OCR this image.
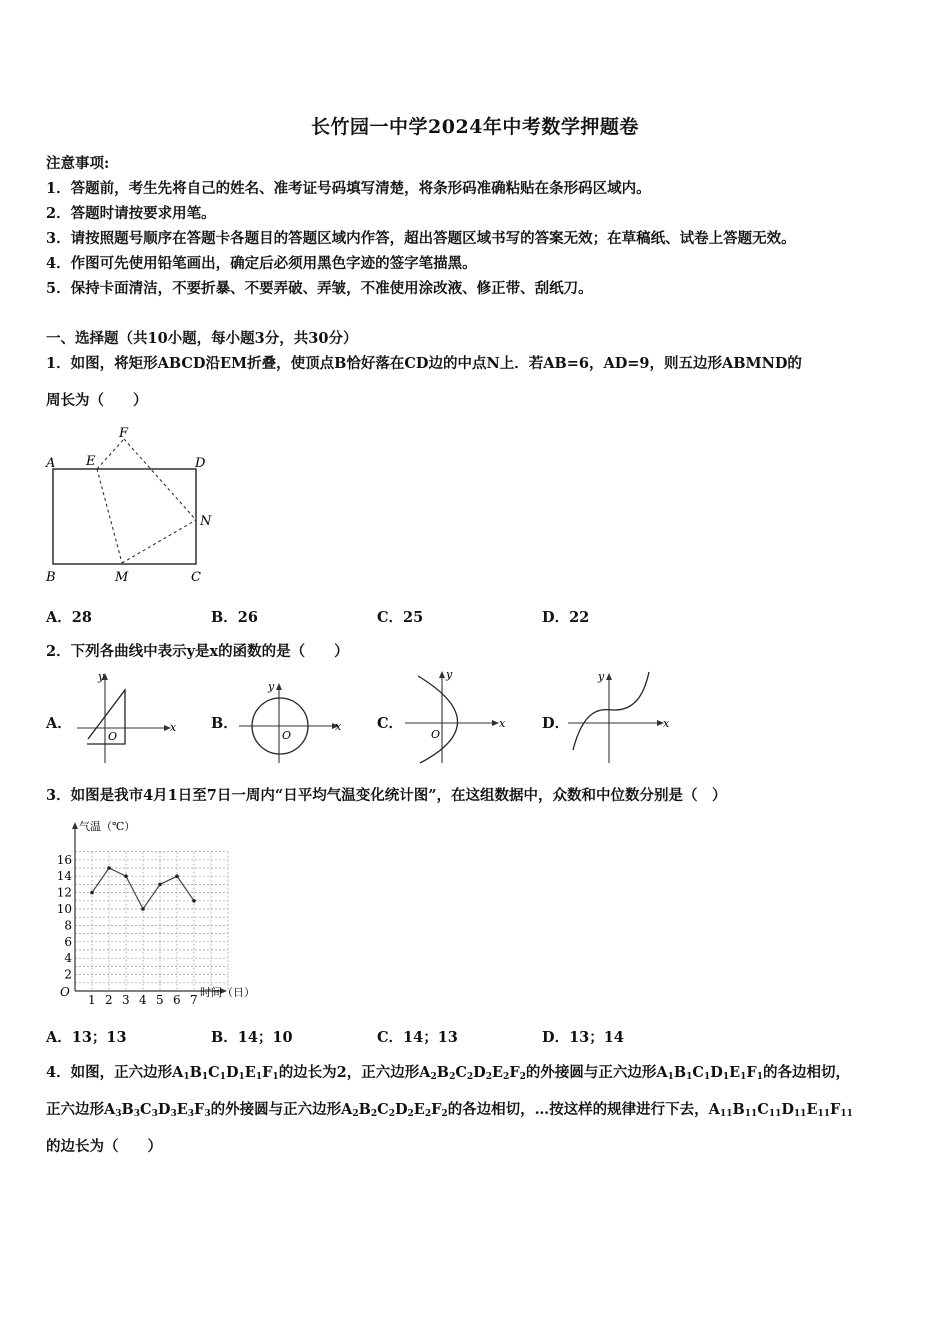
长竹园一中学2024年中考数学押题卷
注意事项:
1．答题前，考生先将自己的姓名、准考证号码填写清楚，将条形码准确粘贴在条形码区域内。
2．答题时请按要求用笔。
3．请按照题号顺序在答题卡各题目的答题区域内作答，超出答题区域书写的答案无效；在草稿纸、试卷上答题无效。
4．作图可先使用铅笔画出，确定后必须用黑色字迹的签字笔描黑。
5．保持卡面清洁，不要折暴、不要弄破、弄皱，不准使用涂改液、修正带、刮纸刀。
一、选择题（共10小题，每小题3分，共30分）
1．如图，将矩形ABCD沿EM折叠，使顶点B恰好落在CD边的中点N上．若AB=6，AD=9，则五边形ABMND的
周长为（　　）
A E
F
D
N
B	M	C
A．28	B．26	C．25	D．22
2．下列各曲线中表示y是x的函数的是（　　）
A．	x
y
O
B．	x
y
O
C．	x
y
O
D．	x
y
3．如图是我市4月1日至7日一周内“日平均气温变化统计图”，在这组数据中，众数和中位数分别是（　）
气温（℃）
时间（日）
O
1 2 3 4 5 6 7
2
4
6
8
10
12
14
16
A．13；13	B．14；10	C．14；13	D．13；14
4．如图，正六边形$A_1B_1C_1D_1E_1F_1$的边长为2，正六边形$A_2B_2C_2D_2E_2F_2$的外接圆与正六边形$A_1B_1C_1D_1E_1F_1$的各边相切，
正六边形$A_3B_3C_3D_3E_3F_3$的外接圆与正六边形$A_2B_2C_2D_2E_2F_2$的各边相切，…按这样的规律进行下去，$A_{11}B_{11}C_{11}D_{11}E_{11}F_{11}$
的边长为（　　）
